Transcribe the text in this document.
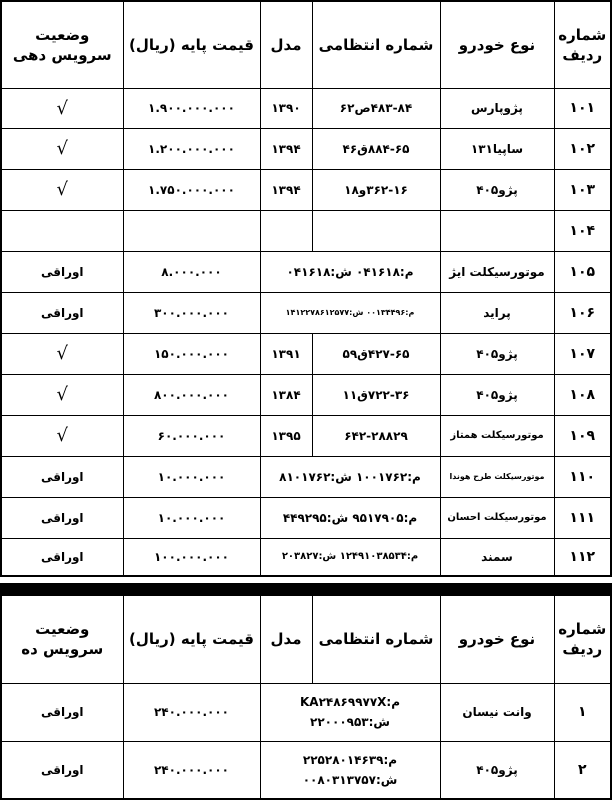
شماره ردیف	نوع خودرو	شماره انتظامی	مدل	قیمت پایه (ریال)	وضعیت سرویس دهی
۱۰۱	پژوپارس	۴۸۳-۸۴ص۶۲	۱۳۹۰	۱.۹۰۰.۰۰۰.۰۰۰	√
۱۰۲	ساپیا۱۳۱	۸۸۴-۶۵ق۴۶	۱۳۹۴	۱.۲۰۰.۰۰۰.۰۰۰	√
۱۰۳	پژو۴۰۵	۳۶۲-۱۶و۱۸	۱۳۹۴	۱.۷۵۰.۰۰۰.۰۰۰	√
۱۰۴					
۱۰۵	موتورسیکلت ایژ	م:۰۴۱۶۱۸ ش:۰۴۱۶۱۸		۸.۰۰۰.۰۰۰	اوراقی
۱۰۶	پراید	م:۰۰۱۳۴۴۹۶ ش:۱۴۱۲۲۷۸۶۱۲۵۷۷		۳۰۰.۰۰۰.۰۰۰	اوراقی
۱۰۷	پژو۴۰۵	۴۲۷-۶۵ق۵۹	۱۳۹۱	۱۵۰.۰۰۰.۰۰۰	√
۱۰۸	پژو۴۰۵	۷۲۲-۳۶ق۱۱	۱۳۸۴	۸۰۰.۰۰۰.۰۰۰	√
۱۰۹	موتورسیکلت همتاز	۶۴۲-۲۸۸۲۹	۱۳۹۵	۶۰.۰۰۰.۰۰۰	√
۱۱۰	موتورسیکلت طرح هوندا	م:۱۰۰۱۷۶۲ ش:۸۱۰۱۷۶۲		۱۰.۰۰۰.۰۰۰	اوراقی
۱۱۱	موتورسیکلت احسان	م:۹۵۱۷۹۰۵ ش:۴۴۹۲۹۵		۱۰.۰۰۰.۰۰۰	اوراقی
۱۱۲	سمند	م:۱۲۴۹۱۰۳۸۵۳۴ ش:۲۰۳۸۲۷		۱۰۰.۰۰۰.۰۰۰	اوراقی
شماره ردیف	نوع خودرو	شماره انتظامی	مدل	قیمت پایه (ریال)	وضعیت سرویس ده
۱	وانت نیسان	م:KA۲۴۸۶۹۹۷۷X
ش:۲۲۰۰۰۹۵۳		۲۴۰.۰۰۰.۰۰۰	اوراقی
۲	پژو۴۰۵	م:۲۲۵۲۸۰۱۴۶۳۹
ش:۰۰۸۰۳۱۳۷۵۷		۲۴۰.۰۰۰.۰۰۰	اوراقی
